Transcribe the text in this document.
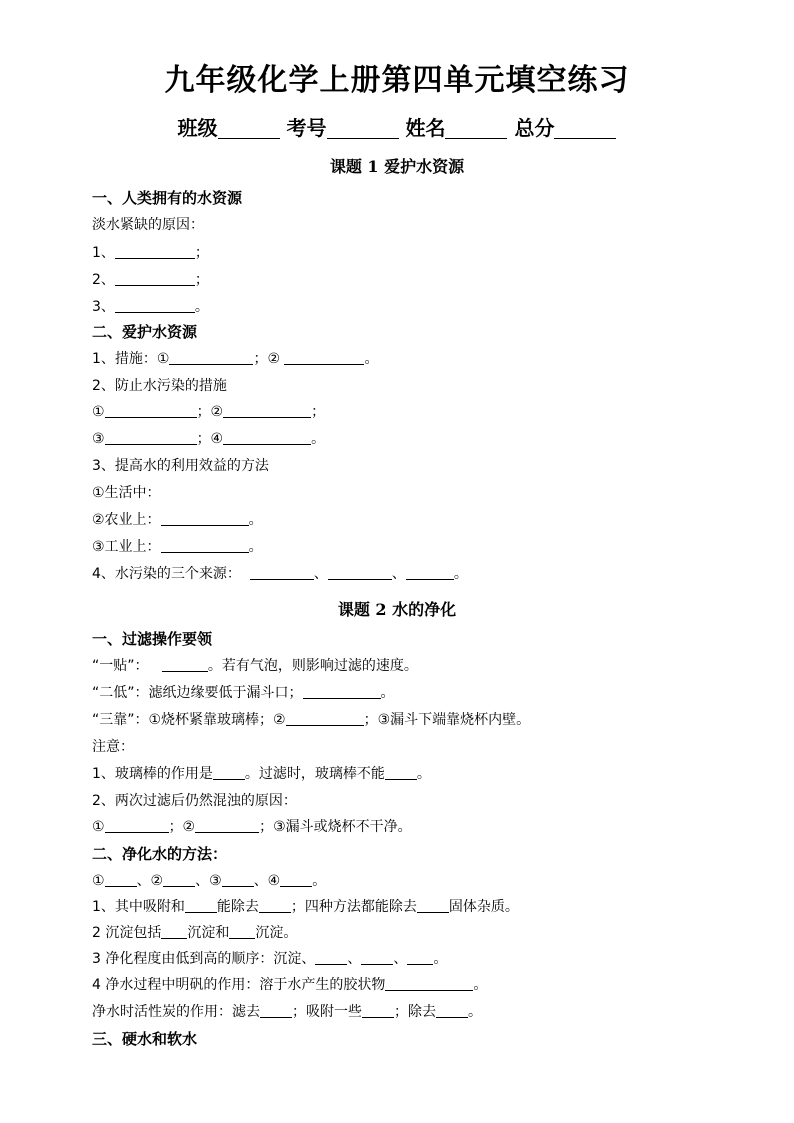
九年级化学上册第四单元填空练习
班级	考号	姓名	总分
课题 1 爱护水资源
一、人类拥有的水资源
淡水紧缺的原因：
1、	；
2、	；
3、	。
二、爱护水资源
1、措施：①	；②	。
2、防止水污染的措施
①	；②	；
③	；④	。
3、提高水的利用效益的方法
①生活中：
②农业上：	。
③工业上：	。
4、水污染的三个来源：	、	、	。
课题 2 水的净化
一、过滤操作要领
“一贴”：	。若有气泡，则影响过滤的速度。
“二低”：滤纸边缘要低于漏斗口；	。
“三靠”：①烧杯紧靠玻璃棒；②	；③漏斗下端靠烧杯内壁。
注意：
1、玻璃棒的作用是 。过滤时，玻璃棒不能 。
2、两次过滤后仍然混浊的原因：
①	；②	；③漏斗或烧杯不干净。
二、净化水的方法：
① 、② 、③ 、④ 。
1、其中吸附和 能除去 ；四种方法都能除去 固体杂质。
2 沉淀包括 沉淀和 沉淀。
3 净化程度由低到高的顺序：沉淀、 、 、 。
4 净水过程中明矾的作用：溶于水产生的胶状物	。
净水时活性炭的作用：滤去 ；吸附一些 ；除去 。
三、硬水和软水
